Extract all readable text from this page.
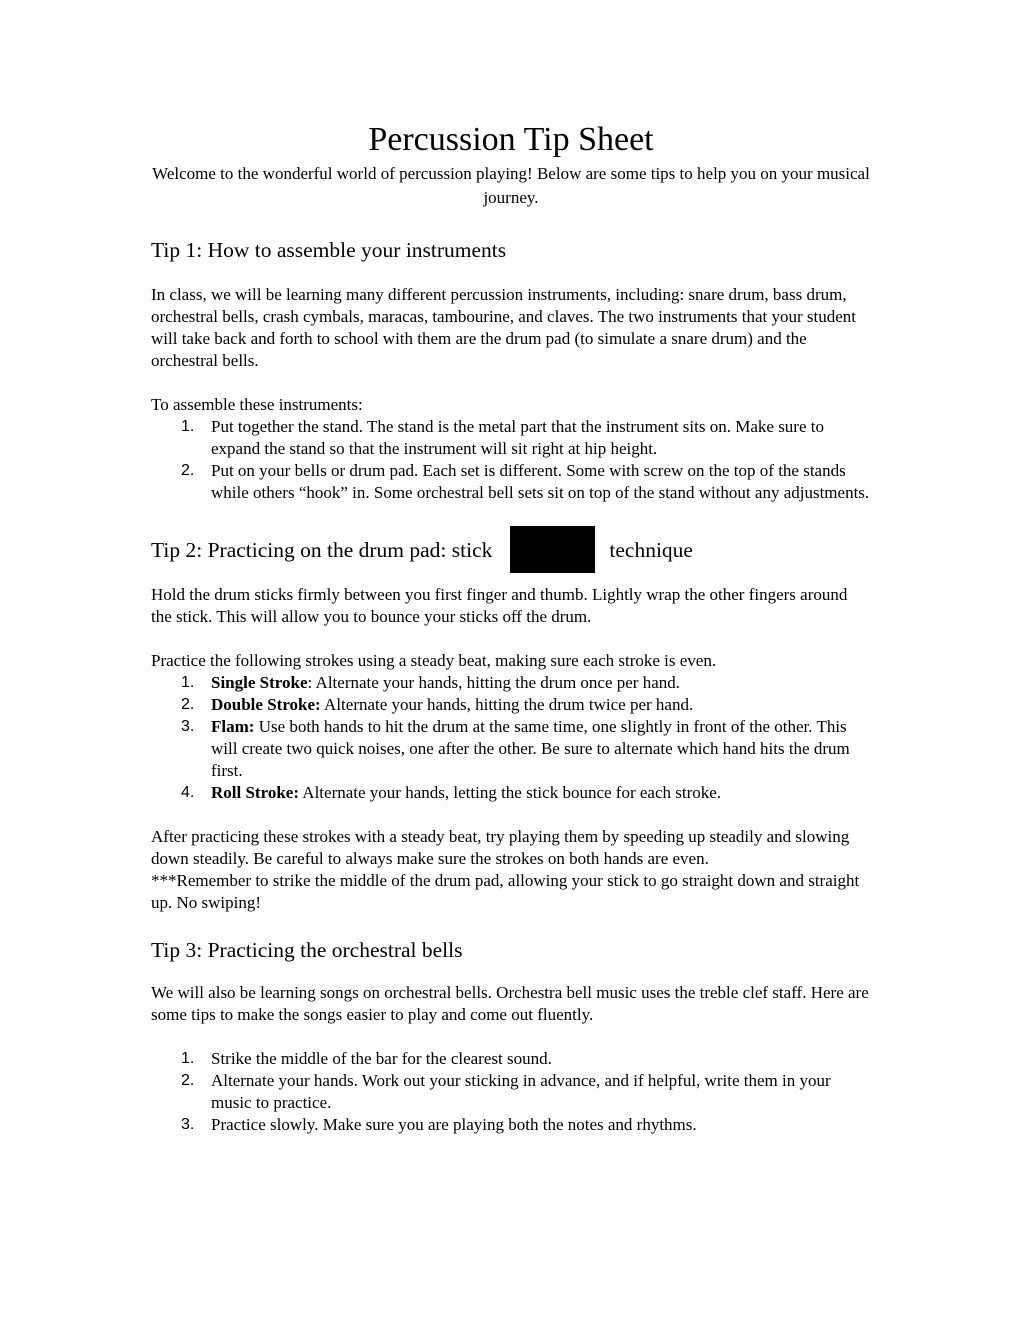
Percussion Tip Sheet

Welcome to the wonderful world of percussion playing! Below are some tips to help you on your musical journey.

Tip 1: How to assemble your instruments

In class, we will be learning many different percussion instruments, including: snare drum, bass drum, orchestral bells, crash cymbals, maracas, tambourine, and claves. The two instruments that your student will take back and forth to school with them are the drum pad (to simulate a snare drum) and the orchestral bells.

To assemble these instruments:

1. Put together the stand. The stand is the metal part that the instrument sits on. Make sure to expand the stand so that the instrument will sit right at hip height.
2. Put on your bells or drum pad. Each set is different. Some with screw on the top of the stands while others “hook” in. Some orchestral bell sets sit on top of the stand without any adjustments.
Tip 2: Practicing on the drum pad: stick	technique

Hold the drum sticks firmly between you first finger and thumb. Lightly wrap the other fingers around the stick. This will allow you to bounce your sticks off the drum.

Practice the following strokes using a steady beat, making sure each stroke is even.

1. Single Stroke: Alternate your hands, hitting the drum once per hand.
2. Double Stroke: Alternate your hands, hitting the drum twice per hand.
3. Flam: Use both hands to hit the drum at the same time, one slightly in front of the other. This will create two quick noises, one after the other. Be sure to alternate which hand hits the drum first.
4. Roll Stroke: Alternate your hands, letting the stick bounce for each stroke.

After practicing these strokes with a steady beat, try playing them by speeding up steadily and slowing down steadily. Be careful to always make sure the strokes on both hands are even.

***Remember to strike the middle of the drum pad, allowing your stick to go straight down and straight up. No swiping!

Tip 3: Practicing the orchestral bells

We will also be learning songs on orchestral bells. Orchestra bell music uses the treble clef staff. Here are some tips to make the songs easier to play and come out fluently.

1. Strike the middle of the bar for the clearest sound.
2. Alternate your hands. Work out your sticking in advance, and if helpful, write them in your music to practice.
3. Practice slowly. Make sure you are playing both the notes and rhythms.
